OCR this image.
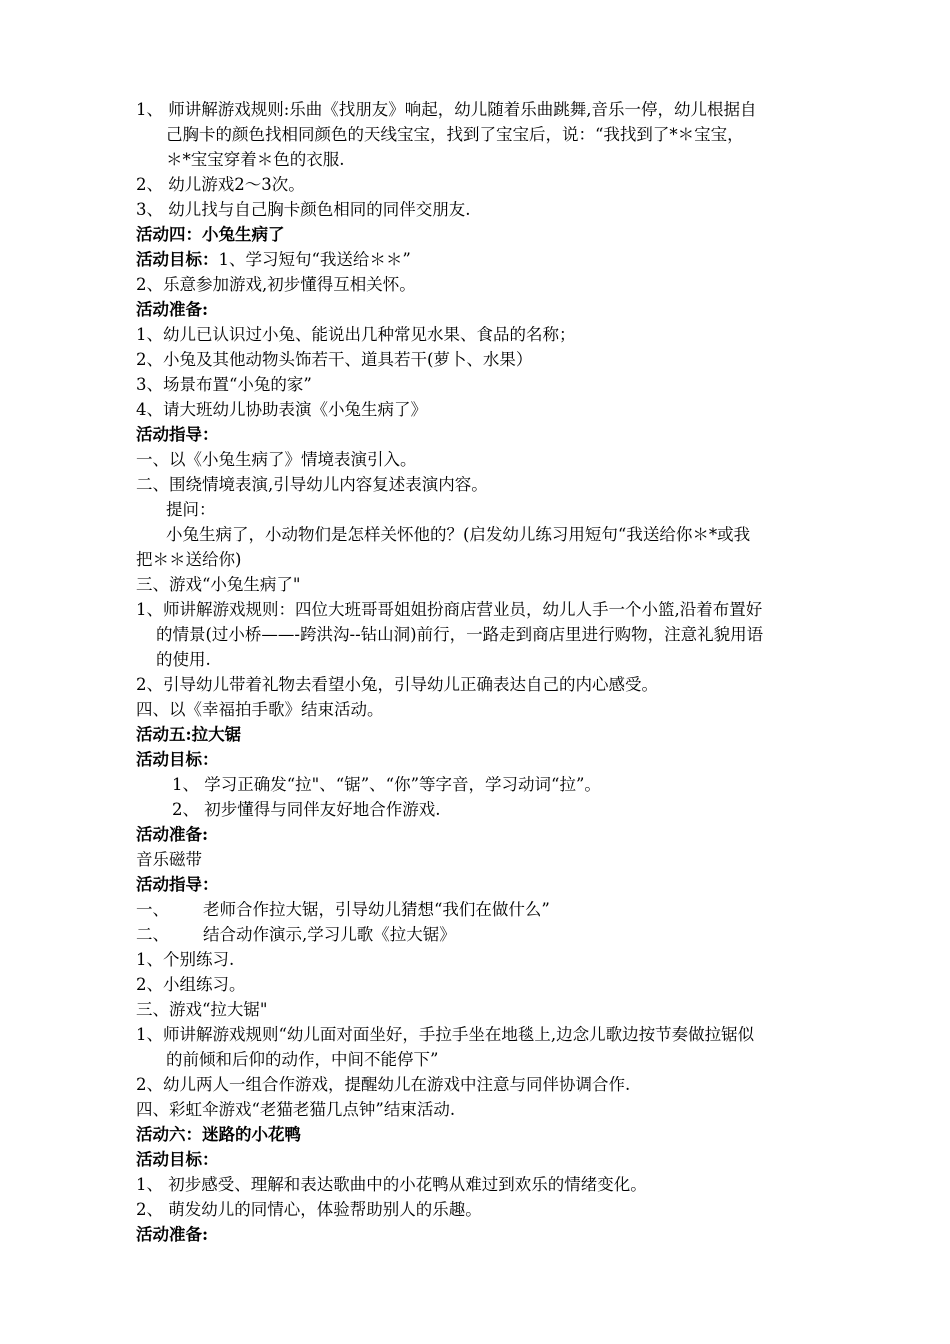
1、 师讲解游戏规则:乐曲《找朋友》响起，幼儿随着乐曲跳舞,音乐一停，幼儿根据自
己胸卡的颜色找相同颜色的天线宝宝，找到了宝宝后，说：“我找到了*＊宝宝，
＊*宝宝穿着＊色的衣服.
2、 幼儿游戏2～3次。
3、 幼儿找与自己胸卡颜色相同的同伴交朋友.
活动四：小兔生病了
活动目标：1、学习短句“我送给＊＊”
2、乐意参加游戏,初步懂得互相关怀。
活动准备:
1、幼儿已认识过小兔、能说出几种常见水果、食品的名称；
2、小兔及其他动物头饰若干、道具若干(萝卜、水果）
3、场景布置“小兔的家”
4、请大班幼儿协助表演《小兔生病了》
活动指导：
一、以《小兔生病了》情境表演引入。
二、围绕情境表演,引导幼儿内容复述表演内容。
提问：
小兔生病了，小动物们是怎样关怀他的？(启发幼儿练习用短句“我送给你＊*或我
把＊＊送给你)
三、游戏“小兔生病了"
1、师讲解游戏规则：四位大班哥哥姐姐扮商店营业员，幼儿人手一个小篮,沿着布置好
的情景(过小桥——-跨洪沟--钻山洞)前行，一路走到商店里进行购物，注意礼貌用语
的使用.
2、引导幼儿带着礼物去看望小兔，引导幼儿正确表达自己的内心感受。
四、以《幸福拍手歌》结束活动。
活动五:拉大锯
活动目标：
1、 学习正确发“拉"、“锯”、“你”等字音，学习动词“拉”。
2、 初步懂得与同伴友好地合作游戏.
活动准备:
音乐磁带
活动指导：
一、 老师合作拉大锯，引导幼儿猜想“我们在做什么”
二、 结合动作演示,学习儿歌《拉大锯》
1、个别练习.
2、小组练习。
三、游戏“拉大锯"
1、师讲解游戏规则“幼儿面对面坐好，手拉手坐在地毯上,边念儿歌边按节奏做拉锯似
的前倾和后仰的动作，中间不能停下”
2、幼儿两人一组合作游戏，提醒幼儿在游戏中注意与同伴协调合作.
四、彩虹伞游戏“老猫老猫几点钟”结束活动.
活动六：迷路的小花鸭
活动目标：
1、 初步感受、理解和表达歌曲中的小花鸭从难过到欢乐的情绪变化。
2、 萌发幼儿的同情心，体验帮助别人的乐趣。
活动准备:
